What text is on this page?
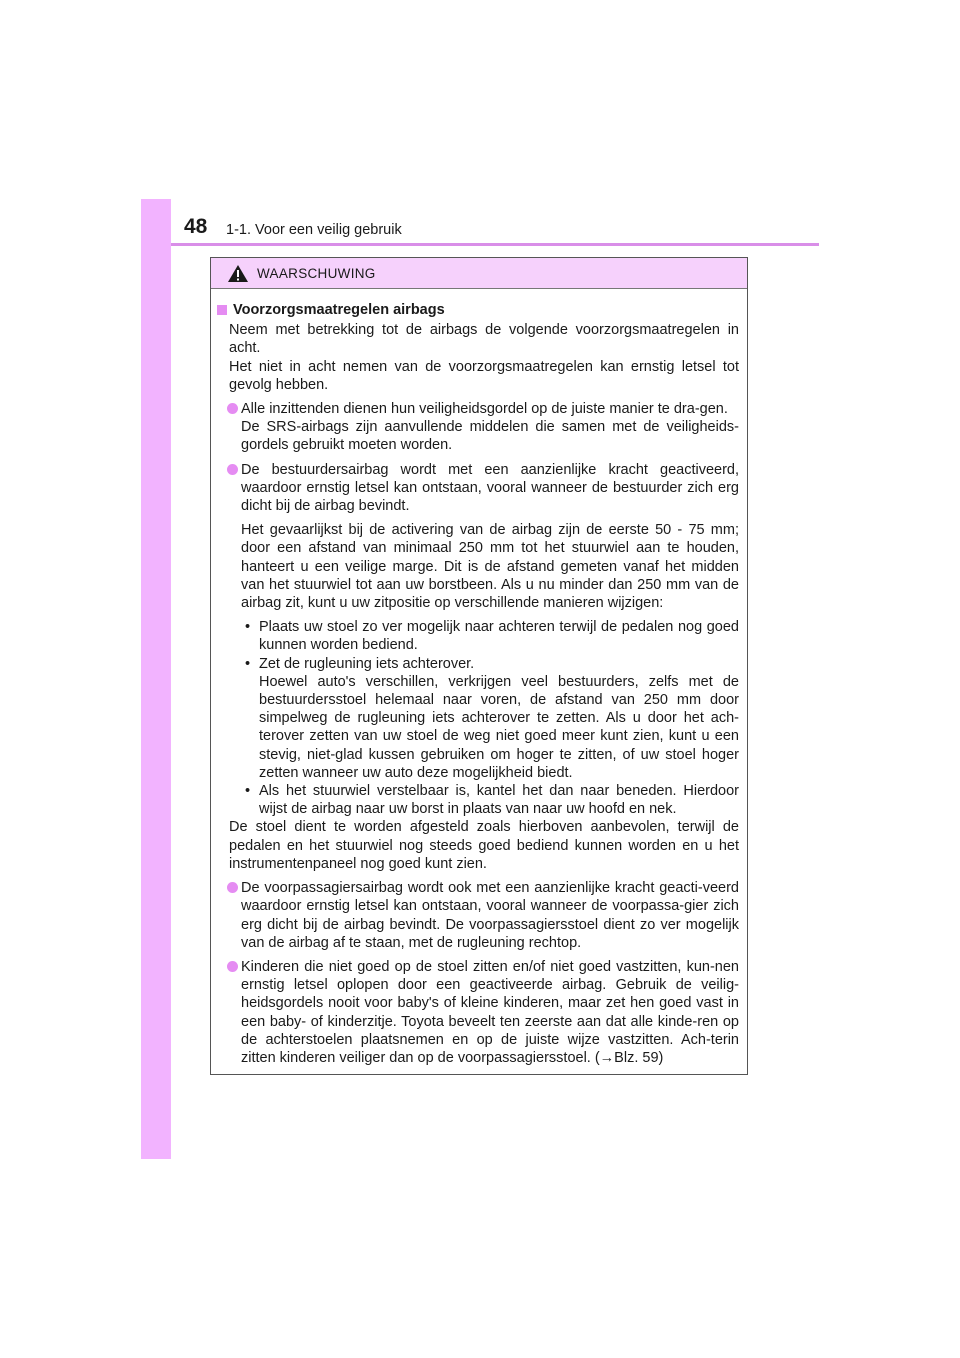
48 1-1. Voor een veilig gebruik
WAARSCHUWING

Voorzorgsmaatregelen airbags

Neem met betrekking tot de airbags de volgende voorzorgsmaatregelen in acht.

Het niet in acht nemen van de voorzorgsmaatregelen kan ernstig letsel tot gevolg hebben.

Alle inzittenden dienen hun veiligheidsgordel op de juiste manier te dra-gen.

De SRS-airbags zijn aanvullende middelen die samen met de veiligheids-gordels gebruikt moeten worden.

De bestuurdersairbag wordt met een aanzienlijke kracht geactiveerd, waardoor ernstig letsel kan ontstaan, vooral wanneer de bestuurder zich erg dicht bij de airbag bevindt.

Het gevaarlijkst bij de activering van de airbag zijn de eerste 50 - 75 mm; door een afstand van minimaal 250 mm tot het stuurwiel aan te houden, hanteert u een veilige marge. Dit is de afstand gemeten vanaf het midden van het stuurwiel tot aan uw borstbeen. Als u nu minder dan 250 mm van de airbag zit, kunt u uw zitpositie op verschillende manieren wijzigen:

• Plaats uw stoel zo ver mogelijk naar achteren terwijl de pedalen nog goed kunnen worden bediend.

• Zet de rugleuning iets achterover.

Hoewel auto's verschillen, verkrijgen veel bestuurders, zelfs met de bestuurdersstoel helemaal naar voren, de afstand van 250 mm door simpelweg de rugleuning iets achterover te zetten. Als u door het ach-terover zetten van uw stoel de weg niet goed meer kunt zien, kunt u een stevig, niet-glad kussen gebruiken om hoger te zitten, of uw stoel hoger zetten wanneer uw auto deze mogelijkheid biedt.

• Als het stuurwiel verstelbaar is, kantel het dan naar beneden. Hierdoor wijst de airbag naar uw borst in plaats van naar uw hoofd en nek.

De stoel dient te worden afgesteld zoals hierboven aanbevolen, terwijl de pedalen en het stuurwiel nog steeds goed bediend kunnen worden en u het instrumentenpaneel nog goed kunt zien.

De voorpassagiersairbag wordt ook met een aanzienlijke kracht geacti-veerd waardoor ernstig letsel kan ontstaan, vooral wanneer de voorpassa-gier zich erg dicht bij de airbag bevindt. De voorpassagiersstoel dient zo ver mogelijk van de airbag af te staan, met de rugleuning rechtop.

Kinderen die niet goed op de stoel zitten en/of niet goed vastzitten, kun-nen ernstig letsel oplopen door een geactiveerde airbag. Gebruik de veilig-heidsgordels nooit voor baby's of kleine kinderen, maar zet hen goed vast in een baby- of kinderzitje. Toyota beveelt ten zeerste aan dat alle kinde-ren op de achterstoelen plaatsnemen en op de juiste wijze vastzitten. Ach-terin zitten kinderen veiliger dan op de voorpassagiersstoel. (→Blz. 59)
